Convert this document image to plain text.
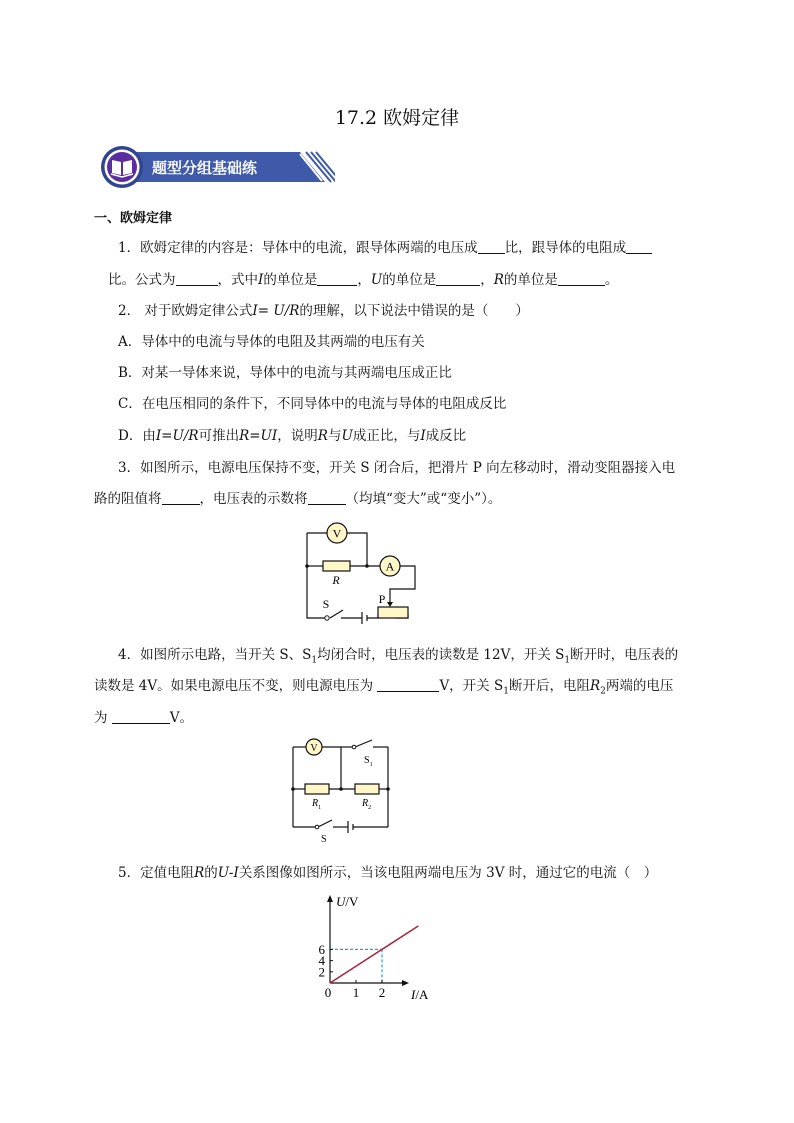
17.2 欧姆定律
题型分组基础练
一、欧姆定律
1．欧姆定律的内容是：导体中的电流，跟导体两端的电压成 比，跟导体的电阻成
比。公式为	，式中I的单位是	，U的单位是	，R的单位是	。
2． 对于欧姆定律公式I= U/R的理解，以下说法中错误的是（　　）
A．导体中的电流与导体的电阻及其两端的电压有关
B．对某一导体来说，导体中的电流与其两端电压成正比
C．在电压相同的条件下，不同导体中的电流与导体的电阻成反比
D．由I=U/R可推出R=UI，说明R与U成正比，与I成反比
3．如图所示，电源电压保持不变，开关 S 闭合后，把滑片 P 向左移动时，滑动变阻器接入电
路的阻值将	，电压表的示数将	（均填“变大”或“变小”）。
V
A
R
S	P
4．如图所示电路，当开关 S、$S_1$均闭合时，电压表的读数是 12V，开关 $S_1$断开时，电压表的
读数是 4V。如果电源电压不变，则电源电压为	V，开关 $S_1$断开后，电阻$R_2$两端的电压
为	V。
V
$S_1$
$R_1$	$R_2$
S
5．定值电阻R的U-I关系图像如图所示，当该电阻两端电压为 3V 时，通过它的电流（　）
0 1 2
2
4
6
U/V
I/A
